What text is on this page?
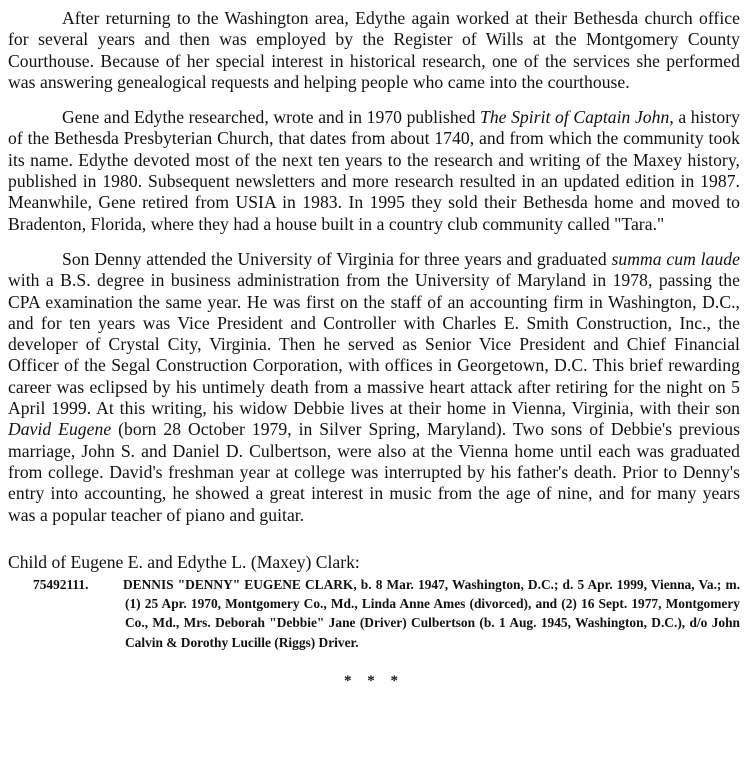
After returning to the Washington area, Edythe again worked at their Bethesda church office for several years and then was employed by the Register of Wills at the Montgomery County Courthouse. Because of her special interest in historical research, one of the services she performed was answering genealogical requests and helping people who came into the courthouse.

Gene and Edythe researched, wrote and in 1970 published The Spirit of Captain John, a history of the Bethesda Presbyterian Church, that dates from about 1740, and from which the community took its name. Edythe devoted most of the next ten years to the research and writing of the Maxey history, published in 1980. Subsequent newsletters and more research resulted in an updated edition in 1987. Meanwhile, Gene retired from USIA in 1983. In 1995 they sold their Bethesda home and moved to Bradenton, Florida, where they had a house built in a country club community called "Tara."

Son Denny attended the University of Virginia for three years and graduated summa cum laude with a B.S. degree in business administration from the University of Maryland in 1978, passing the CPA examination the same year. He was first on the staff of an accounting firm in Washington, D.C., and for ten years was Vice President and Controller with Charles E. Smith Construction, Inc., the developer of Crystal City, Virginia. Then he served as Senior Vice President and Chief Financial Officer of the Segal Construction Corporation, with offices in Georgetown, D.C. This brief rewarding career was eclipsed by his untimely death from a massive heart attack after retiring for the night on 5 April 1999. At this writing, his widow Debbie lives at their home in Vienna, Virginia, with their son David Eugene (born 28 October 1979, in Silver Spring, Maryland). Two sons of Debbie's previous marriage, John S. and Daniel D. Culbertson, were also at the Vienna home until each was graduated from college. David's freshman year at college was interrupted by his father's death. Prior to Denny's entry into accounting, he showed a great interest in music from the age of nine, and for many years was a popular teacher of piano and guitar.

Child of Eugene E. and Edythe L. (Maxey) Clark:
75492111.	DENNIS "DENNY" EUGENE CLARK, b. 8 Mar. 1947, Washington, D.C.; d. 5 Apr. 1999, Vienna, Va.; m. (1) 25 Apr. 1970, Montgomery Co., Md., Linda Anne Ames (divorced), and (2) 16 Sept. 1977, Montgomery Co., Md., Mrs. Deborah "Debbie" Jane (Driver) Culbertson (b. 1 Aug. 1945, Washington, D.C.), d/o John Calvin & Dorothy Lucille (Riggs) Driver.
* * *
